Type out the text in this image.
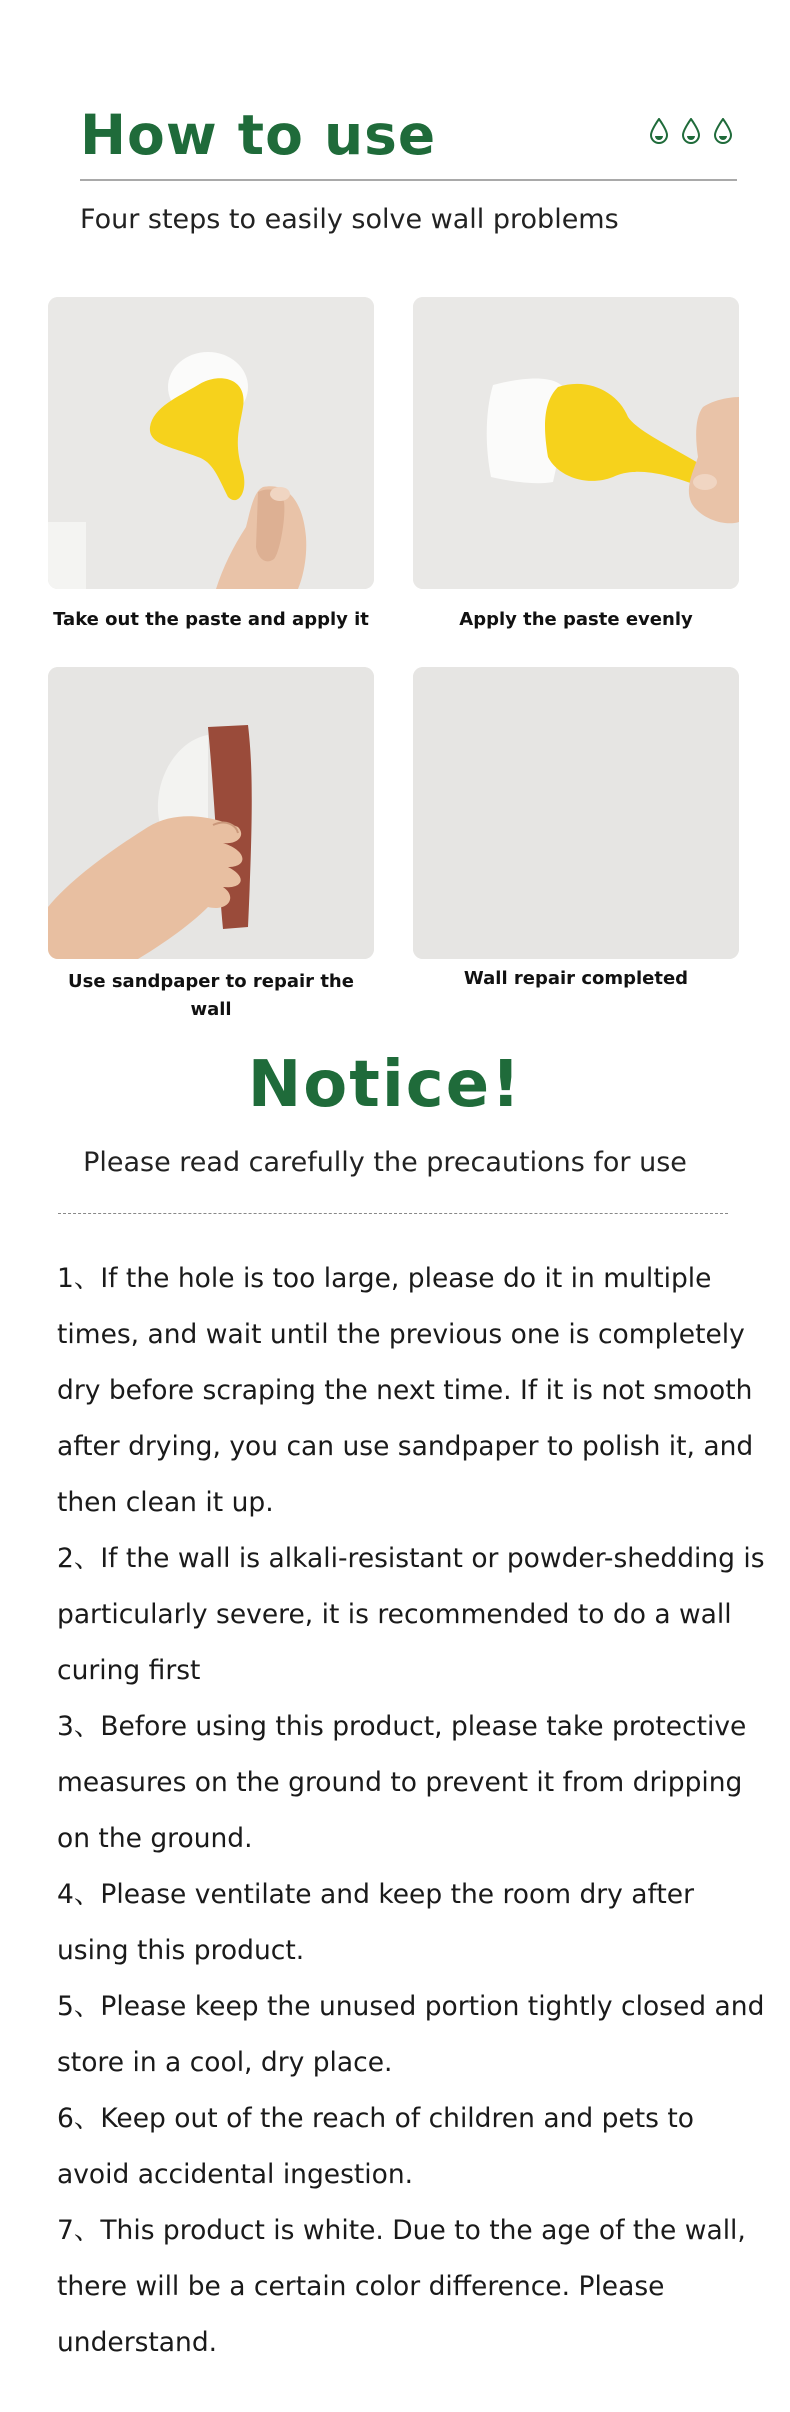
How to use
Four steps to easily solve wall problems
Take out the paste and apply it	Apply the paste evenly
Use sandpaper to repair the wall
Wall repair completed
Notice!
Please read carefully the precautions for use
1、If the hole is too large, please do it in multiple times, and wait until the previous one is completely dry before scraping the next time. If it is not smooth after drying, you can use sandpaper to polish it, and then clean it up.
2、If the wall is alkali-resistant or powder-shedding is particularly severe, it is recommended to do a wall curing first
3、Before using this product, please take protective measures on the ground to prevent it from dripping on the ground.
4、Please ventilate and keep the room dry after using this product.
5、Please keep the unused portion tightly closed and store in a cool, dry place.
6、Keep out of the reach of children and pets to avoid accidental ingestion.
7、This product is white. Due to the age of the wall, there will be a certain color difference. Please understand.
